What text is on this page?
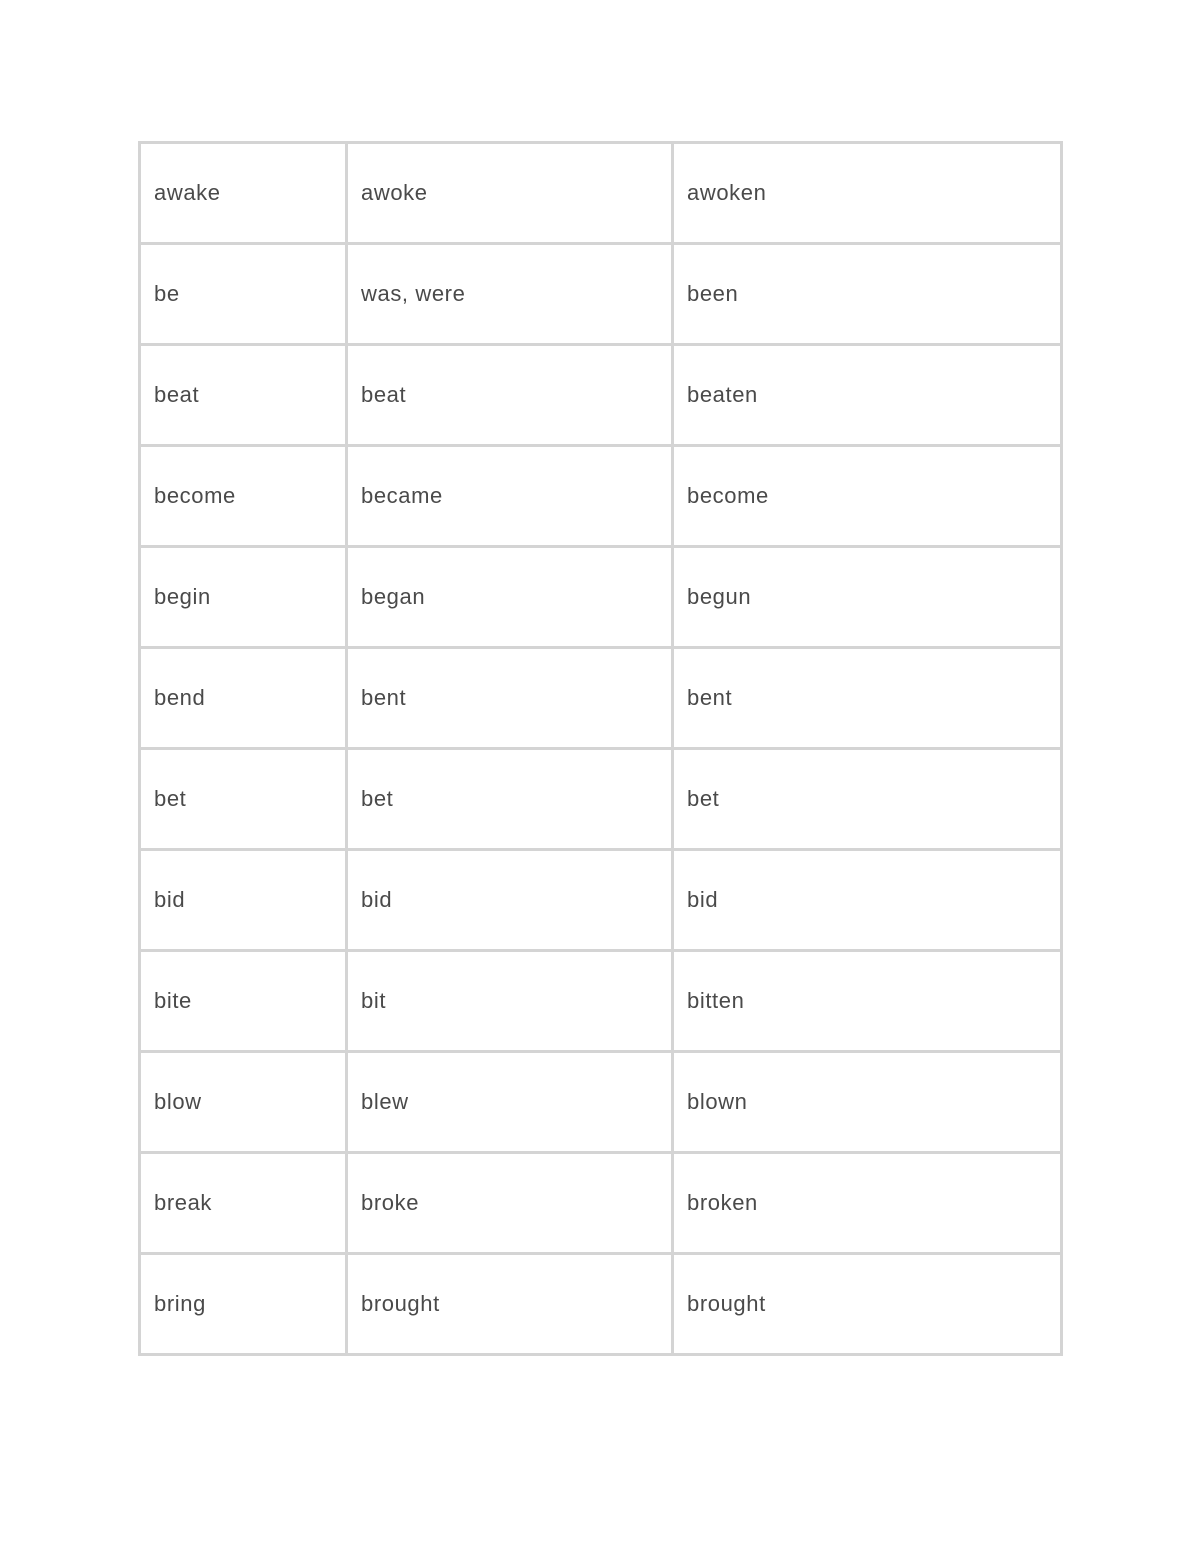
awake	awoke	awoken
be	was, were	been
beat	beat	beaten
become	became	become
begin	began	begun
bend	bent	bent
bet	bet	bet
bid	bid	bid
bite	bit	bitten
blow	blew	blown
break	broke	broken
bring	brought	brought
